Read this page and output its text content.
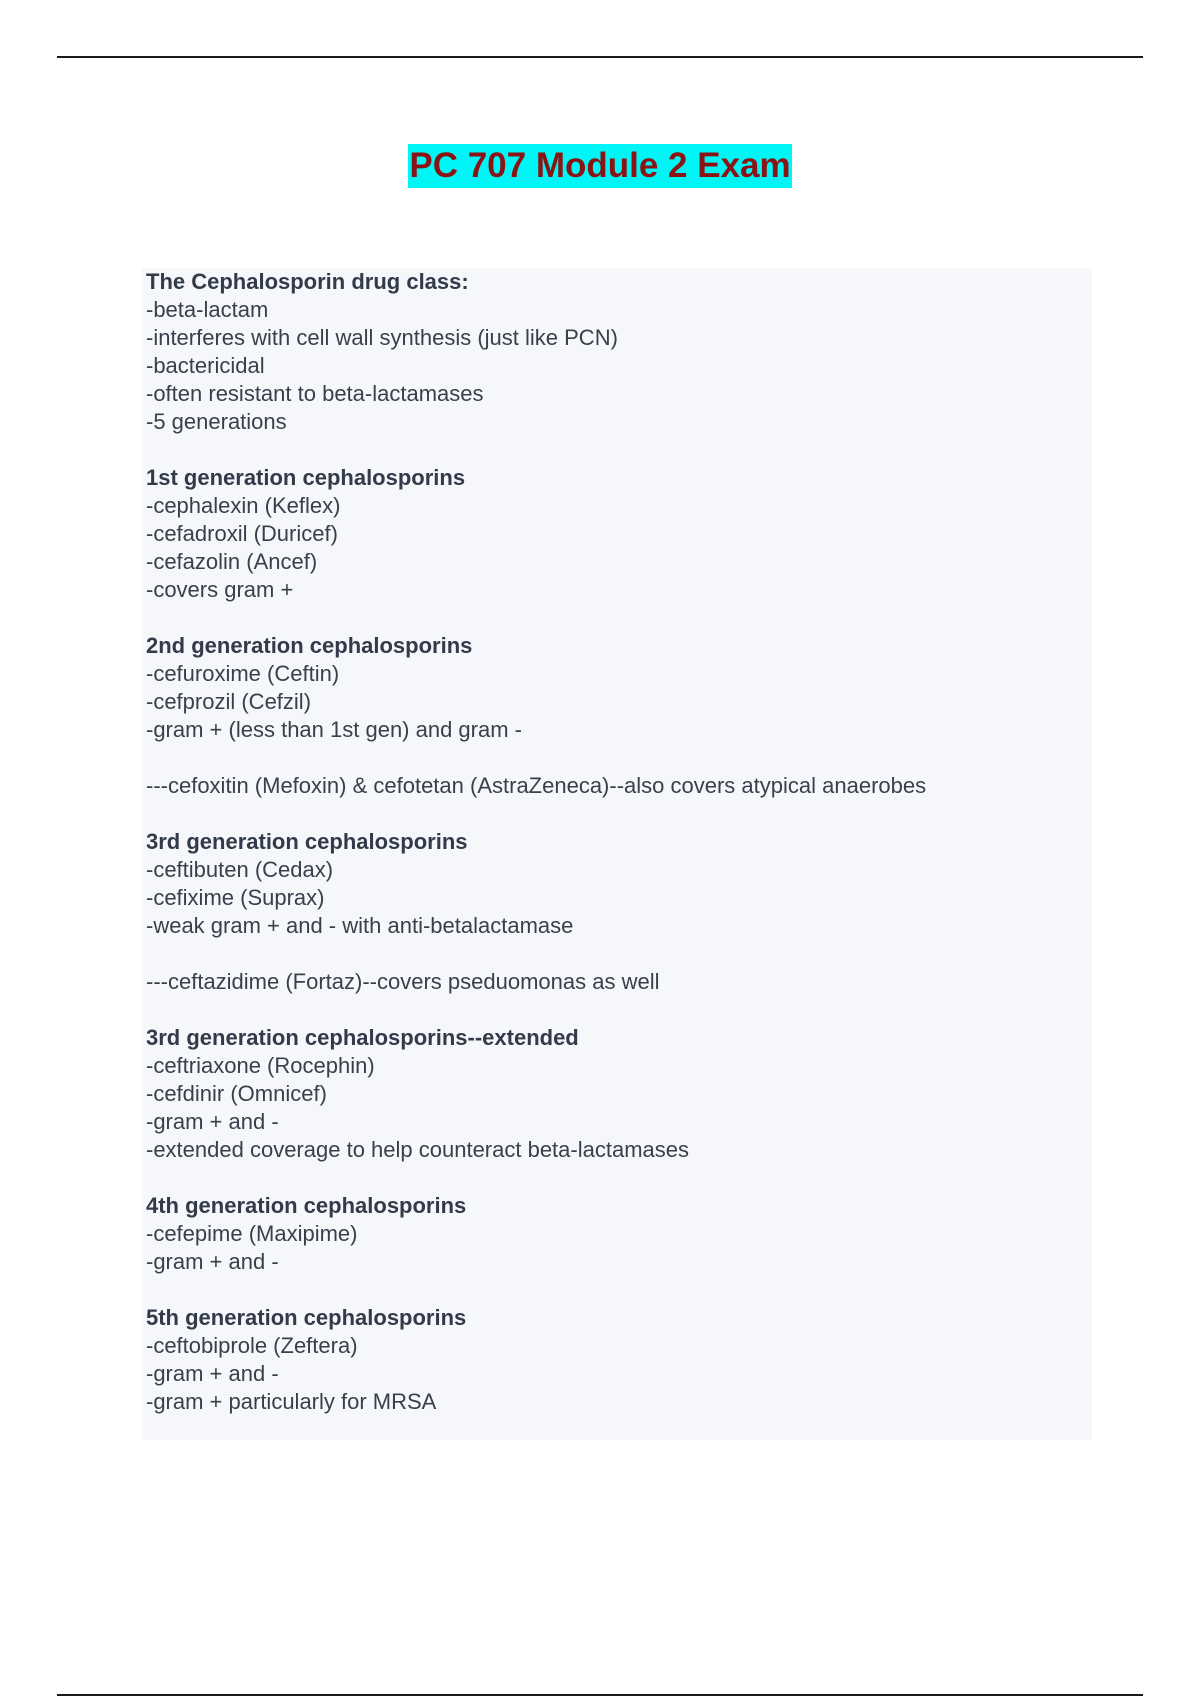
PC 707 Module 2 Exam
The Cephalosporin drug class:
-beta-lactam
-interferes with cell wall synthesis (just like PCN)
-bactericidal
-often resistant to beta-lactamases
-5 generations
1st generation cephalosporins
-cephalexin (Keflex)
-cefadroxil (Duricef)
-cefazolin (Ancef)
-covers gram +
2nd generation cephalosporins
-cefuroxime (Ceftin)
-cefprozil (Cefzil)
-gram + (less than 1st gen) and gram -
---cefoxitin (Mefoxin) & cefotetan (AstraZeneca)--also covers atypical anaerobes
3rd generation cephalosporins
-ceftibuten (Cedax)
-cefixime (Suprax)
-weak gram + and - with anti-betalactamase
---ceftazidime (Fortaz)--covers pseduomonas as well
3rd generation cephalosporins--extended
-ceftriaxone (Rocephin)
-cefdinir (Omnicef)
-gram + and -
-extended coverage to help counteract beta-lactamases
4th generation cephalosporins
-cefepime (Maxipime)
-gram + and -
5th generation cephalosporins
-ceftobiprole (Zeftera)
-gram + and -
-gram + particularly for MRSA
